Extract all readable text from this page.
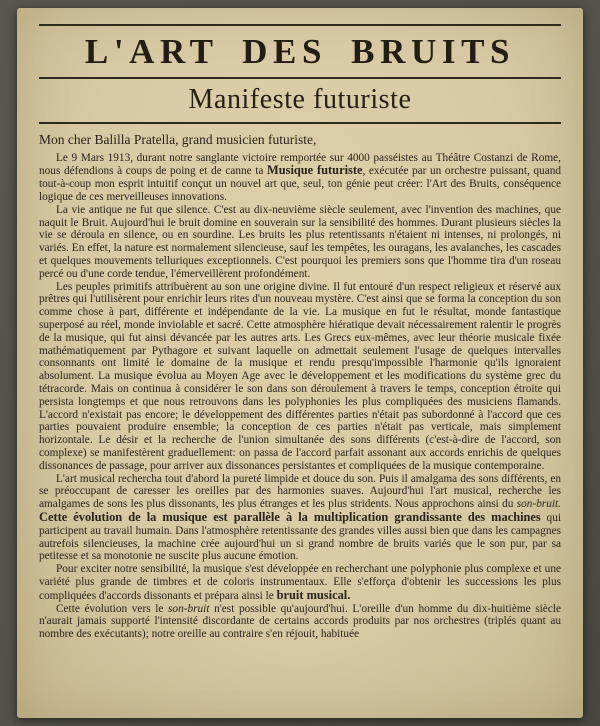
L'ART DES BRUITS
Manifeste futuriste
Mon cher Balilla Pratella, grand musicien futuriste,

Le 9 Mars 1913, durant notre sanglante victoire remportée sur 4000 passéistes au Théâtre Costanzi de Rome, nous défendions à coups de poing et de canne ta Musique futuriste, exécutée par un orchestre puissant, quand tout-à-coup mon esprit intuitif conçut un nouvel art que, seul, ton génie peut créer: l'Art des Bruits, conséquence logique de ces merveilleuses innovations.

La vie antique ne fut que silence. C'est au dix-neuvième siècle seulement, avec l'invention des machines, que naquit le Bruit. Aujourd'hui le bruit domine en souverain sur la sensibilité des hommes. Durant plusieurs siècles la vie se déroula en silence, ou en sourdine. Les bruits les plus retentissants n'étaient ni intenses, ni prolongés, ni variés. En effet, la nature est normalement silencieuse, sauf les tempêtes, les ouragans, les avalanches, les cascades et quelques mouvements telluriques exceptionnels. C'est pourquoi les premiers sons que l'homme tira d'un roseau percé ou d'une corde tendue, l'émerveillèrent profondément.

Les peuples primitifs attribuèrent au son une origine divine. Il fut entouré d'un respect religieux et réservé aux prêtres qui l'utilisèrent pour enrichir leurs rites d'un nouveau mystère. C'est ainsi que se forma la conception du son comme chose à part, différente et indépendante de la vie. La musique en fut le résultat, monde fantastique superposé au réel, monde inviolable et sacré. Cette atmosphère hiératique devait nécessairement ralentir le progrès de la musique, qui fut ainsi dévancée par les autres arts. Les Grecs eux-mêmes, avec leur théorie musicale fixée mathématiquement par Pythagore et suivant laquelle on admettait seulement l'usage de quelques intervalles consonnants ont limité le domaine de la musique et rendu presqu'impossible l'harmonie qu'ils ignoraient absolument. La musique évolua au Moyen Age avec le développement et les modifications du système grec du tétracorde. Mais on continua à considérer le son dans son déroulement à travers le temps, conception étroite qui persista longtemps et que nous retrouvons dans les polyphonies les plus compliquées des musiciens flamands. L'accord n'existait pas encore; le développement des différentes parties n'était pas subordonné à l'accord que ces parties pouvaient produire ensemble; la conception de ces parties n'était pas verticale, mais simplement horizontale. Le désir et la recherche de l'union simultanée des sons différents (c'est-à-dire de l'accord, son complexe) se manifestèrent graduellement: on passa de l'accord parfait assonant aux accords enrichis de quelques dissonances de passage, pour arriver aux dissonances persistantes et compliquées de la musique contemporaine.

L'art musical rechercha tout d'abord la pureté limpide et douce du son. Puis il amalgama des sons différents, en se préoccupant de caresser les oreilles par des harmonies suaves. Aujourd'hui l'art musical, recherche les amalgames de sons les plus dissonants, les plus étranges et les plus stridents. Nous approchons ainsi du son-bruit. Cette évolution de la musique est parallèle à la multiplication grandissante des machines qui participent au travail humain. Dans l'atmosphère retentissante des grandes villes aussi bien que dans les campagnes autrefois silencieuses, la machine crée aujourd'hui un si grand nombre de bruits variés que le son pur, par sa petitesse et sa monotonie ne suscite plus aucune émotion.

Pour exciter notre sensibilité, la musique s'est développée en recherchant une polyphonie plus complexe et une variété plus grande de timbres et de coloris instrumentaux. Elle s'efforça d'obtenir les successions les plus compliquées d'accords dissonants et prépara ainsi le bruit musical.

Cette évolution vers le son-bruit n'est possible qu'aujourd'hui. L'oreille d'un homme du dix-huitième siècle n'aurait jamais supporté l'intensité discordante de certains accords produits par nos orchestres (triplés quant au nombre des exécutants); notre oreille au contraire s'en réjouit, habituée
